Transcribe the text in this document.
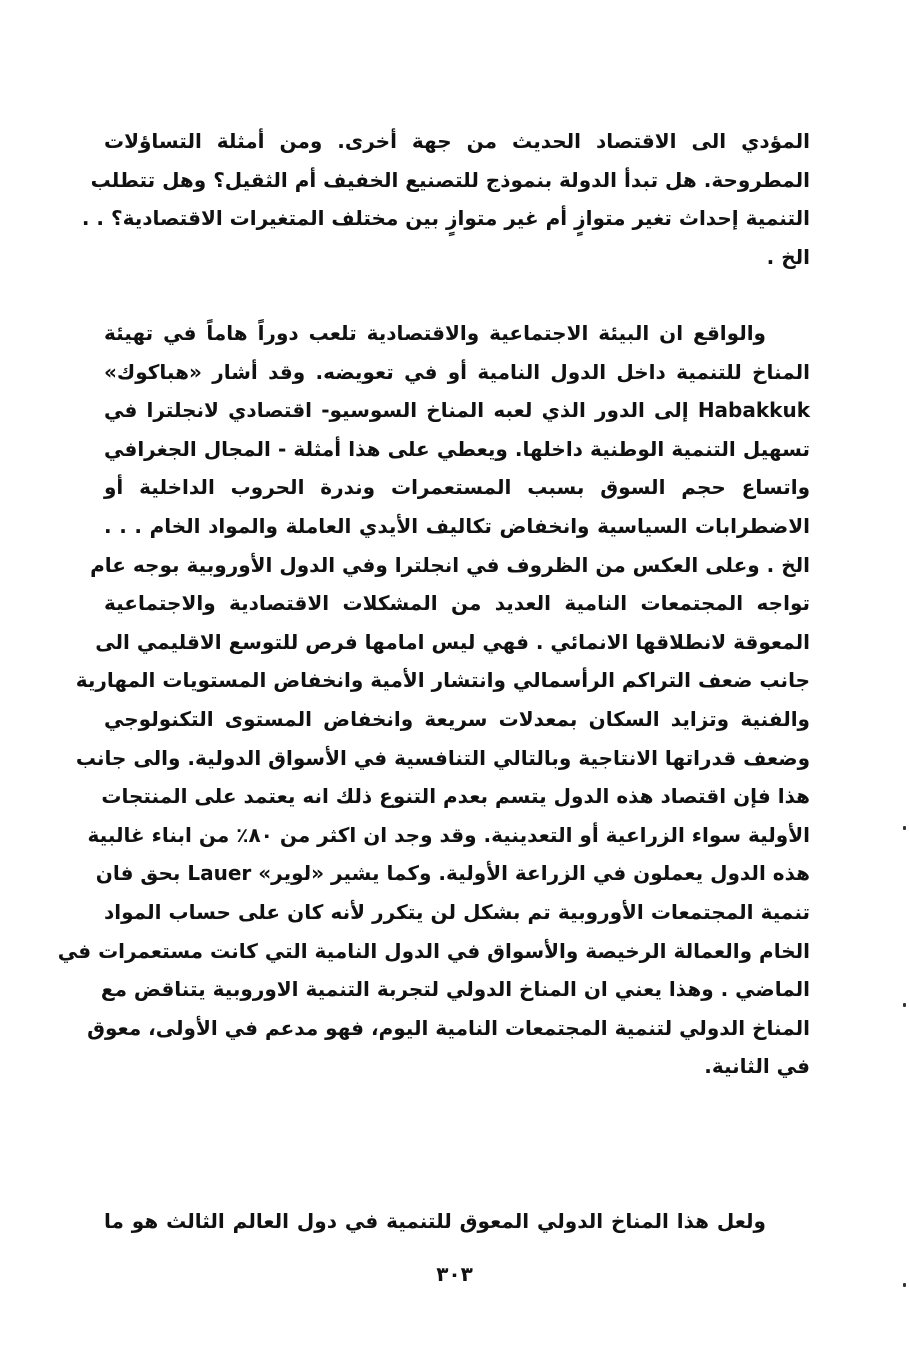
المؤدي الى الاقتصاد الحديث من جهة أخرى. ومن أمثلة التساؤلات
المطروحة. هل تبدأ الدولة بنموذج للتصنيع الخفيف أم الثقيل؟ وهل تتطلب
التنمية إحداث تغير متوازٍ أم غير متوازٍ بين مختلف المتغيرات الاقتصادية؟ . .
الخ .
والواقع ان البيئة الاجتماعية والاقتصادية تلعب دوراً هاماً في تهيئة
المناخ للتنمية داخل الدول النامية أو في تعويضه. وقد أشار «هباكوك»
Habakkuk إلى الدور الذي لعبه المناخ السوسيو- اقتصادي لانجلترا في
تسهيل التنمية الوطنية داخلها. ويعطي على هذا أمثلة - المجال الجغرافي
واتساع حجم السوق بسبب المستعمرات وندرة الحروب الداخلية أو
الاضطرابات السياسية وانخفاض تكاليف الأيدي العاملة والمواد الخام . . .
الخ . وعلى العكس من الظروف في انجلترا وفي الدول الأوروبية بوجه عام
تواجه المجتمعات النامية العديد من المشكلات الاقتصادية والاجتماعية
المعوقة لانطلاقها الانمائي . فهي ليس امامها فرص للتوسع الاقليمي الى
جانب ضعف التراكم الرأسمالي وانتشار الأمية وانخفاض المستويات المهارية
والفنية وتزايد السكان بمعدلات سريعة وانخفاض المستوى التكنولوجي
وضعف قدراتها الانتاجية وبالتالي التنافسية في الأسواق الدولية. والى جانب
هذا فإن اقتصاد هذه الدول يتسم بعدم التنوع ذلك انه يعتمد على المنتجات
الأولية سواء الزراعية أو التعدينية. وقد وجد ان اكثر من ٨٠٪ من ابناء غالبية
هذه الدول يعملون في الزراعة الأولية. وكما يشير «لوير» Lauer بحق فان
تنمية المجتمعات الأوروبية تم بشكل لن يتكرر لأنه كان على حساب المواد
الخام والعمالة الرخيصة والأسواق في الدول النامية التي كانت مستعمرات في
الماضي . وهذا يعني ان المناخ الدولي لتجربة التنمية الاوروبية يتناقض مع
المناخ الدولي لتنمية المجتمعات النامية اليوم، فهو مدعم في الأولى، معوق
في الثانية.
ولعل هذا المناخ الدولي المعوق للتنمية في دول العالم الثالث هو ما
٣٠٣
